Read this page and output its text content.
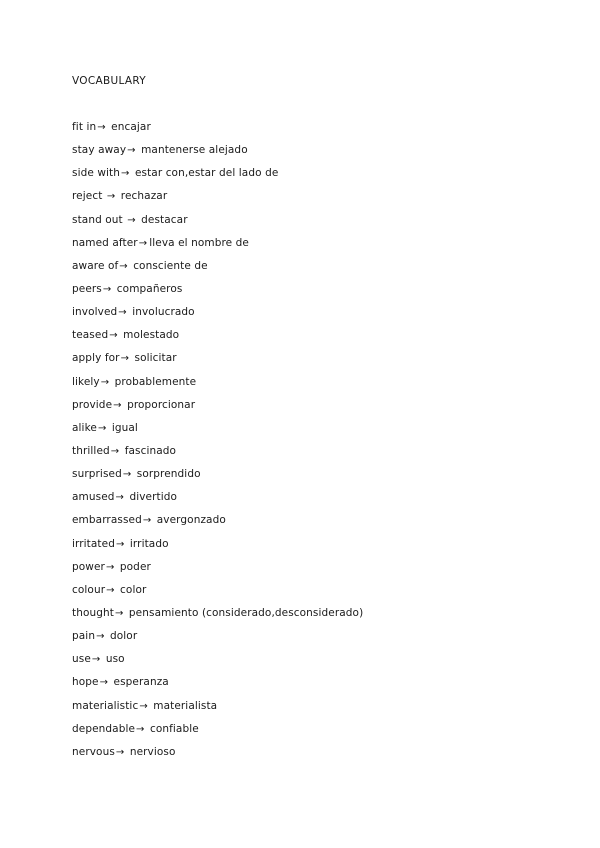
VOCABULARY
fit in→ encajar
stay away→ mantenerse alejado
side with→ estar con,estar del lado de
reject → rechazar
stand out → destacar
named after→ lleva el nombre de
aware of→ consciente de
peers→ compañeros
involved→ involucrado
teased→ molestado
apply for→ solicitar
likely→ probablemente
provide→ proporcionar
alike→ igual
thrilled→ fascinado
surprised→ sorprendido
amused→ divertido
embarrassed→ avergonzado
irritated→ irritado
power→ poder
colour→ color
thought→ pensamiento (considerado,desconsiderado)
pain→ dolor
use→ uso
hope→ esperanza
materialistic→ materialista
dependable→ confiable
nervous→ nervioso
